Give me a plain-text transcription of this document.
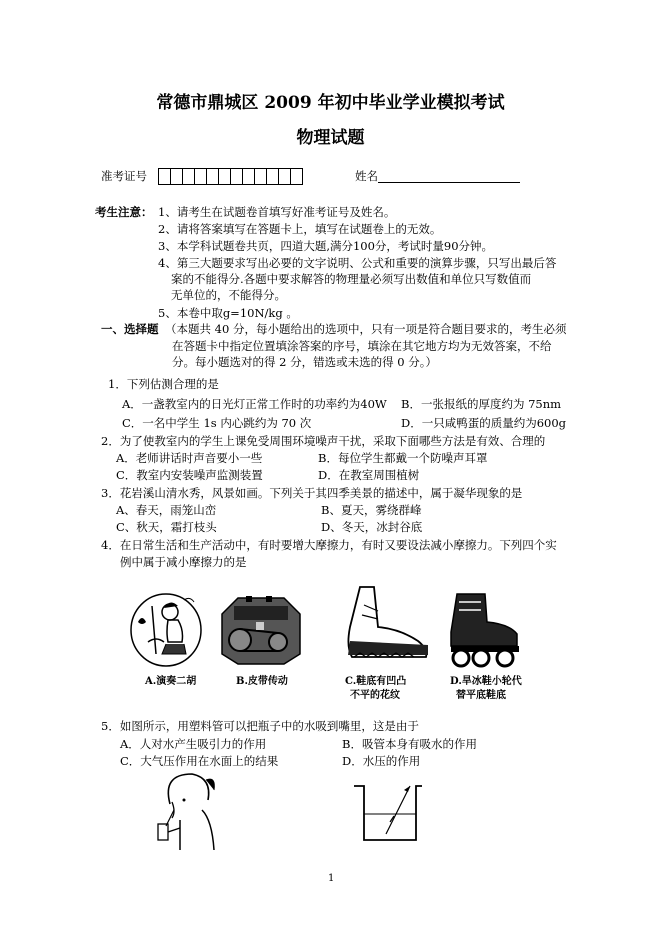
常德市鼎城区 2009 年初中毕业学业模拟考试
物理试题
准考证号	姓名
考生注意： 1、请考生在试题卷首填写好准考证号及姓名。
2、请将答案填写在答题卡上，填写在试题卷上的无效。
3、本学科试题卷共页，四道大题,满分100分，考试时量90分钟。
4、第三大题要求写出必要的文字说明、公式和重要的演算步骤，只写出最后答
案的不能得分.各题中要求解答的物理量必须写出数值和单位只写数值而
无单位的，不能得分。
5、本卷中取g=10N/kg 。
一、选择题 （本题共 40 分，每小题给出的选项中，只有一项是符合题目要求的，考生必须
在答题卡中指定位置填涂答案的序号，填涂在其它地方均为无效答案，不给
分。每小题选对的得 2 分，错选或未选的得 0 分。）
1．下列估测合理的是
A．一盏教室内的日光灯正常工作时的功率约为40W B．一张报纸的厚度约为 75nm
C．一名中学生 1s 内心跳约为 70 次	D．一只咸鸭蛋的质量约为600g
2．为了使教室内的学生上课免受周围环境噪声干扰，采取下面哪些方法是有效、合理的
A．老师讲话时声音要小一些	B．每位学生都戴一个防噪声耳罩
C．教室内安装噪声监测装置	D．在教室周围植树
3．花岩溪山清水秀，风景如画。下列关于其四季美景的描述中，属于凝华现象的是
A、春天，雨笼山峦	B、夏天，雾绕群峰
C、秋天，霜打枝头	D、冬天，冰封谷底
4．在日常生活和生产活动中，有时要增大摩擦力，有时又要设法减小摩擦力。下列四个实
例中属于减小摩擦力的是
A.演奏二胡	B.皮带传动	C.鞋底有凹凸
不平的花纹
D.旱冰鞋小轮代
替平底鞋底
5．如图所示，用塑料管可以把瓶子中的水吸到嘴里，这是由于
A．人对水产生吸引力的作用	B．吸管本身有吸水的作用
C．大气压作用在水面上的结果	D．水压的作用
1
